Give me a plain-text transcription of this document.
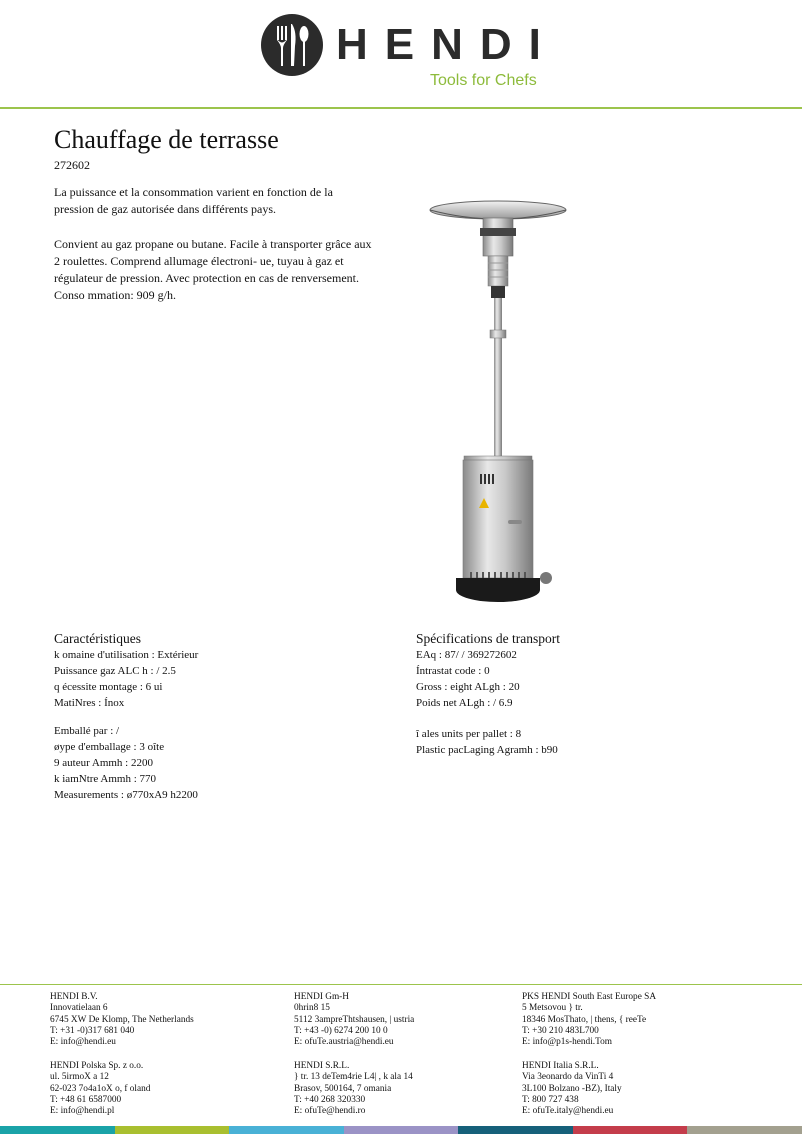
HENDI
Tools for Chefs
Chauffage de terrasse
272602
La puissance et la consommation varient en fonction de la pression de gaz autorisée dans différents pays.
Convient au gaz propane ou butane. Facile à transporter grâce aux 2 roulettes. Comprend allumage électroni- ue, tuyau à gaz et régulateur de pression. Avec protection en cas de renversement. Conso mmation: 909 g/h.
Caractéristiques
k omaine d'utilisation : Extérieur
Puissance gaz ALC h : / 2.5
q écessite montage : 6 ui
MatiNres : Ínox
Emballé par : /
øype d'emballage : 3 oîte
9 auteur Ammh : 2200
k iamNtre Ammh : 770
Measurements : ø770xA9 h2200
Spécifications de transport
EAq : 87/ / 369272602
Íntrastat code : 0
Gross : eight ALgh : 20
Poids net ALgh : / 6.9
î ales units per pallet : 8
Plastic pacLaging Agramh : b90
HENDI B.V.
Innovatielaan 6
6745 XW De Klomp, The Netherlands
T: +31 -0)317 681 040
E: info@hendi.eu
HENDI Gm-H
0hrin8 15
5112 3ampreThtshausen, | ustria
T: +43 -0) 6274 200 10 0
E: ofuTe.austria@hendi.eu
PKS HENDI South East Europe SA
5 Metsovou } tr.
18346 MosThato, | thens, { reeTe
T: +30 210 483L700
E: info@p1s-hendi.Tom
HENDI Polska Sp. z o.o.
ul. 5irmoX a 12
62-023 7o4a1oX o, f oland
T: +48 61 6587000
E: info@hendi.pl
HENDI S.R.L.
} tr. 13 deTem4rie L4| , k ala 14
Brasov, 500164, 7 omania
T: +40 268 320330
E: ofuTe@hendi.ro
HENDI Italia S.R.L.
Via 3eonardo da VinTi 4
3L100 Bolzano -BZ), Italy
T: 800 727 438
E: ofuTe.italy@hendi.eu
